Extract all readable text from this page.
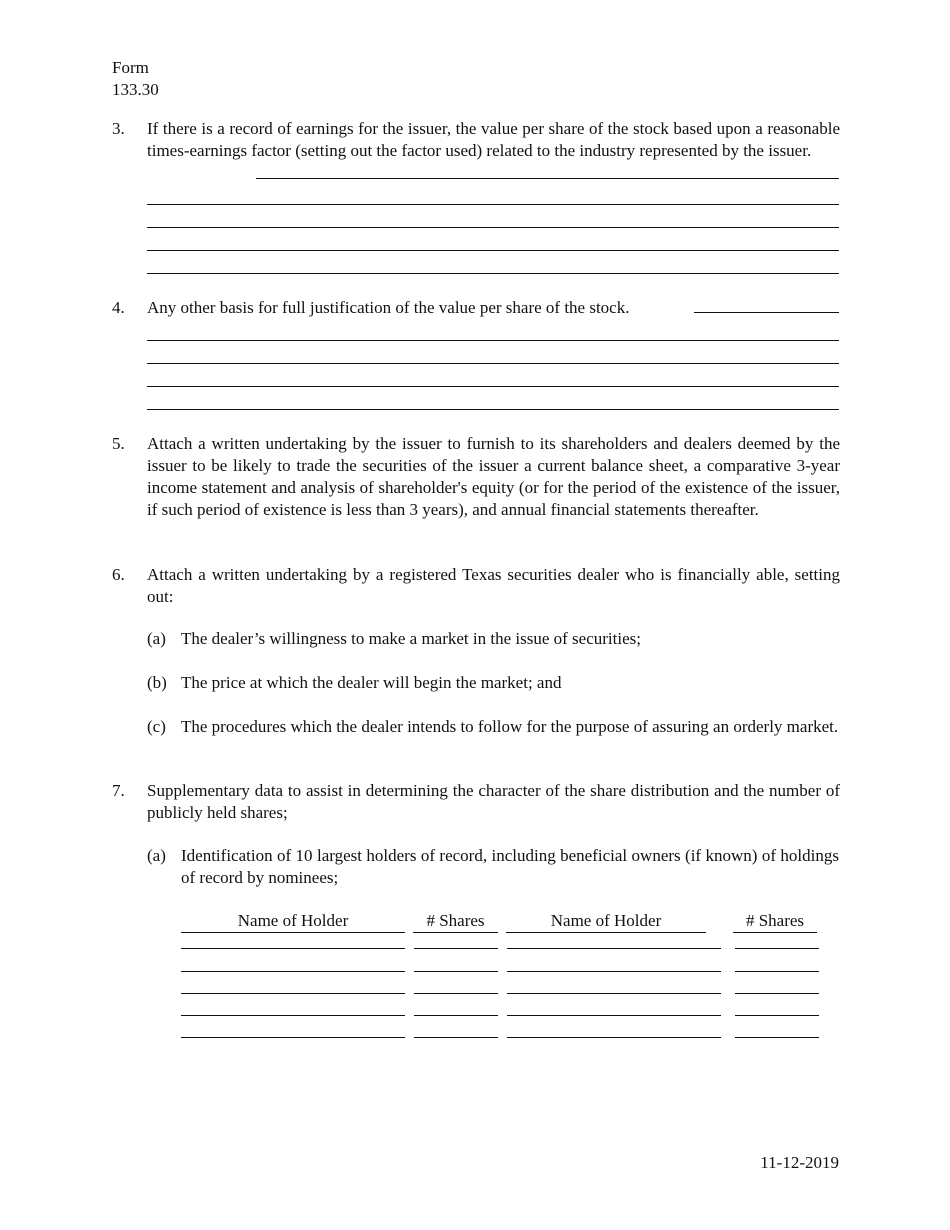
Form
133.30
3. If there is a record of earnings for the issuer, the value per share of the stock based upon a reasonable times-earnings factor (setting out the factor used) related to the industry represented by the issuer.
4. Any other basis for full justification of the value per share of the stock.
5. Attach a written undertaking by the issuer to furnish to its shareholders and dealers deemed by the issuer to be likely to trade the securities of the issuer a current balance sheet, a comparative 3-year income statement and analysis of shareholder's equity (or for the period of the existence of the issuer, if such period of existence is less than 3 years), and annual financial statements thereafter.
6. Attach a written undertaking by a registered Texas securities dealer who is financially able, setting out:
(a) The dealer’s willingness to make a market in the issue of securities;
(b) The price at which the dealer will begin the market; and
(c) The procedures which the dealer intends to follow for the purpose of assuring an orderly market.
7. Supplementary data to assist in determining the character of the share distribution and the number of publicly held shares;
(a) Identification of 10 largest holders of record, including beneficial owners (if known) of holdings of record by nominees;
Name of Holder	# Shares	Name of Holder	# Shares
11-12-2019
